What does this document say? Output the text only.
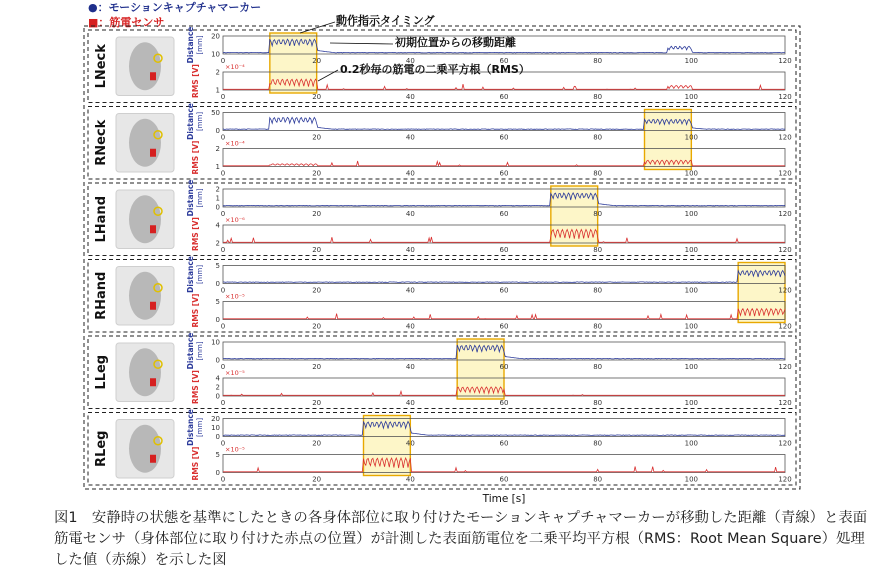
●：モーションキャプチャマーカー
■：筋電センサ
LNeck	Distance [mm]
RMS [V]	×10⁻⁴
10
20
1
2
0
0
20
20
40
40
60
60
80
80
100
100
120
120
RNeck	Distance [mm]
RMS [V]	×10⁻⁴
0
50
1
2
0
0
20
20
40
40
60
60
80
80
100
100
120
120
LHand	Distance [mm]
RMS [V]	×10⁻⁶
0
1
2
2
4
0
0
20
20
40
40
60
60
80
80
100
100
120
120
RHand	Distance [mm]
RMS [V]	×10⁻⁵
0
5
0
5
0
0
20
20
40
40
60
60
80
80
100
100
120
120
LLeg
Distance [mm]
RMS [V]	×10⁻⁵
0
10
0
2
4
0
0
20
20
40
40
60
60
80
80
100
100
120
120
RLeg
Distance [mm]
RMS [V]	×10⁻⁵
0
10
20
0
5
0
0
20
20
40
40
60
60
80
80
100
100
120
120
動作指示タイミング
初期位置からの移動距離
0.2秒毎の筋電の二乗平方根（RMS）
Time [s]
図1　安静時の状態を基準にしたときの各身体部位に取り付けたモーションキャプチャマーカーが移動した距離（青線）と表面筋電センサ（身体部位に取り付けた赤点の位置）が計測した表面筋電位を二乗平均平方根（RMS：Root Mean Square）処理した値（赤線）を示した図
